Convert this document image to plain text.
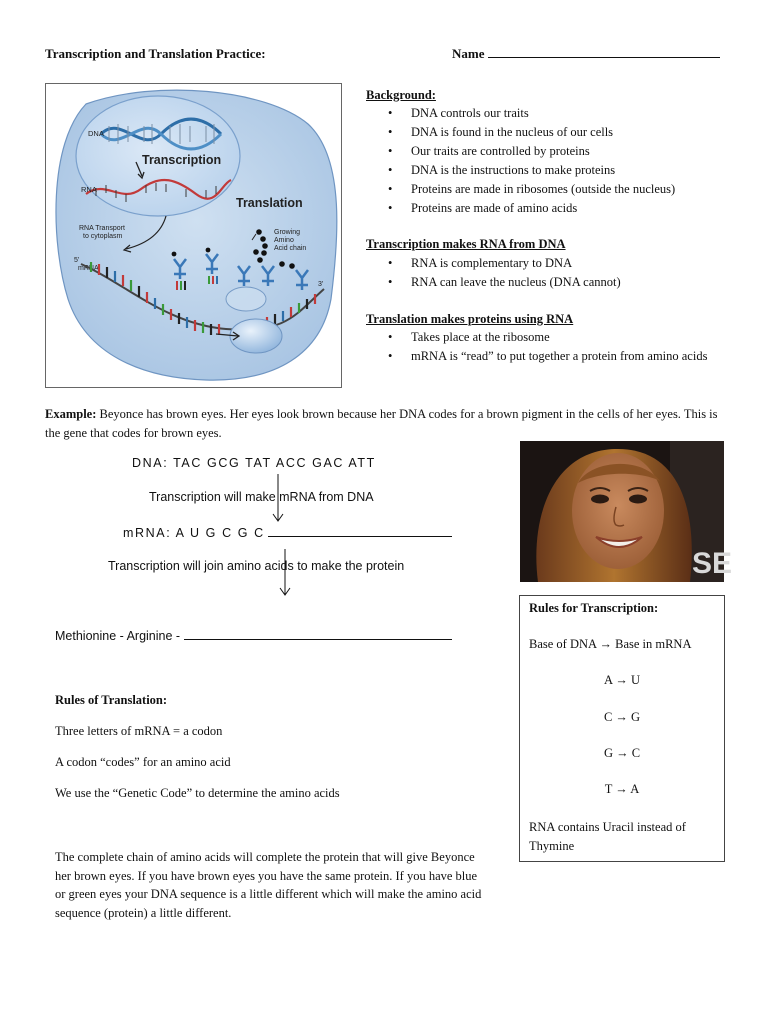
Transcription and Translation Practice:	Name
DNA
Transcription
RNA
Translation
RNA Transport
to cytoplasm
5'
mRNA
Growing
Amino
Acid chain
3'
Background:
• DNA controls our traits
• DNA is found in the nucleus of our cells
• Our traits are controlled by proteins
• DNA is the instructions to make proteins
• Proteins are made in ribosomes (outside the nucleus)
• Proteins are made of amino acids
Transcription makes RNA from DNA
• RNA is complementary to DNA
• RNA can leave the nucleus (DNA cannot)
Translation makes proteins using RNA
• Takes place at the ribosome
• mRNA is “read” to put together a protein from amino acids
Example: Beyonce has brown eyes. Her eyes look brown because her DNA codes for a brown pigment in the cells of her eyes. This is the gene that codes for brown eyes.
DNA: TAC GCG TAT ACC GAC ATT
Transcription will make mRNA from DNA
mRNA: A U G C G C
Transcription will join amino acids to make the protein
Methionine - Arginine -
Rules of Translation:
Three letters of mRNA = a codon
A codon “codes” for an amino acid
We use the “Genetic Code” to determine the amino acids
The complete chain of amino acids will complete the protein that will give Beyonce her brown eyes. If you have brown eyes you have the same protein. If you have blue or green eyes your DNA sequence is a little different which will make the amino acid sequence (protein) a little different.
SE
Rules for Transcription:
Base of DNA → Base in mRNA
A → U
C → G
G → C
T → A
RNA contains Uracil instead of Thymine
